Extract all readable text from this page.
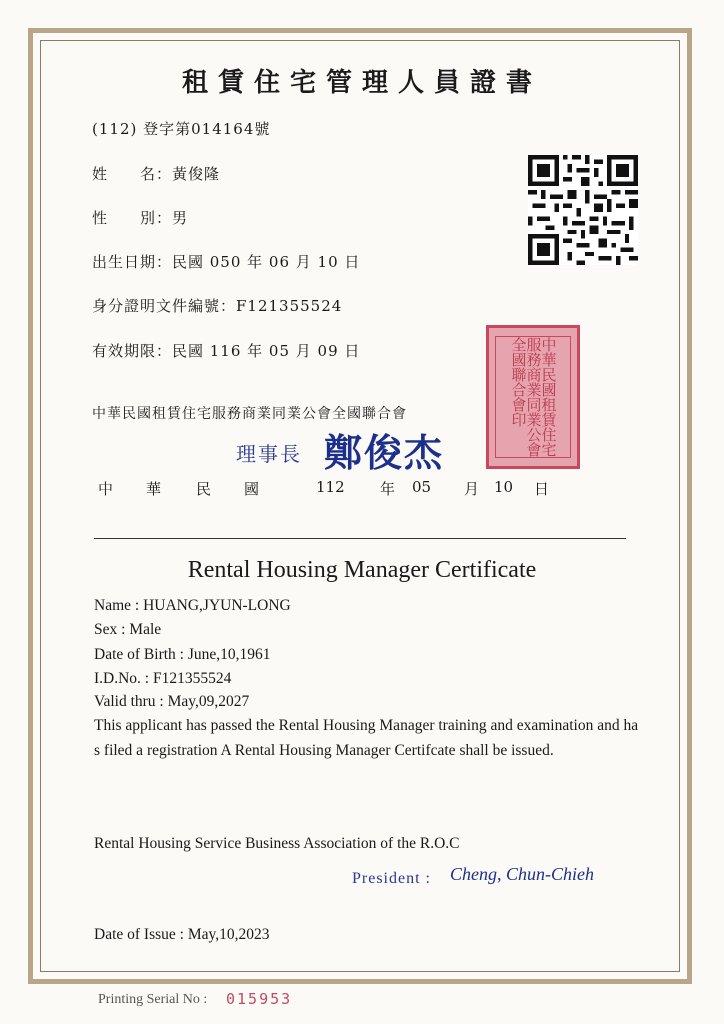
租賃住宅管理人員證書
(112) 登字第014164號
姓　　名：黃俊隆
性　　別：男
出生日期：民國 050 年 06 月 10 日
身分證明文件編號：F121355524
有效期限：民國 116 年 05 月 09 日	中華民國租賃住宅服務商業同業公會全國聯合會印
中華民國租賃住宅服務商業同業公會全國聯合會
理事長 鄭俊杰
中 華 民 國	112 年 05 月 10 日
Rental Housing Manager Certificate
Name : HUANG,JYUN-LONG
Sex : Male
Date of Birth : June,10,1961
I.D.No. : F121355524
Valid thru : May,09,2027
This applicant has passed the Rental Housing Manager training and examination and has filed a registration A Rental Housing Manager Certifcate shall be issued.
Rental Housing Service Business Association of the R.O.C
President : Cheng, Chun-Chieh
Date of Issue : May,10,2023
Printing Serial No : 015953
